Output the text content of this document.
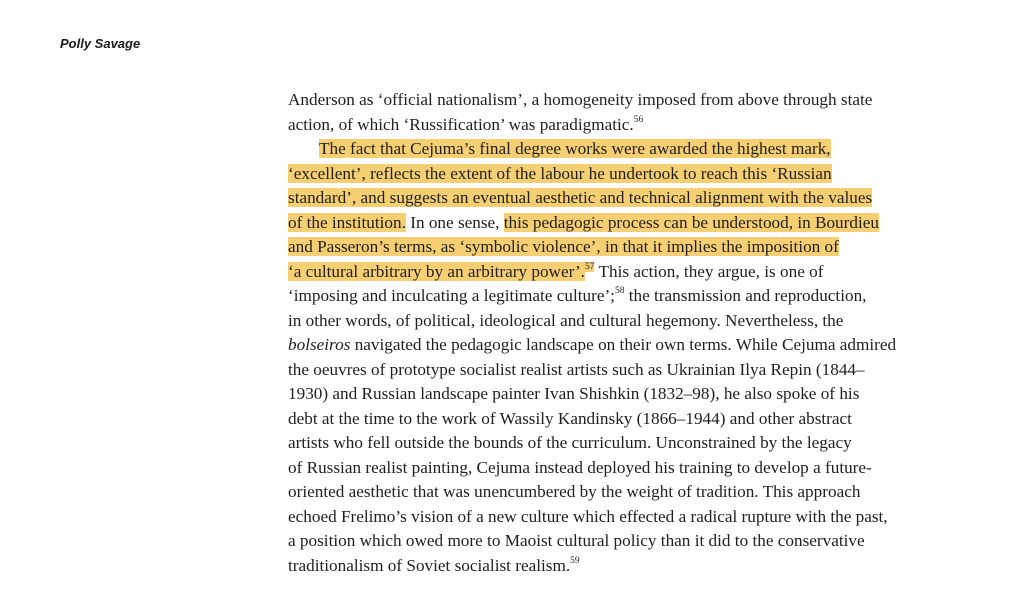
Polly Savage
Anderson as ‘official nationalism’, a homogeneity imposed from above through state
action, of which ‘Russification’ was paradigmatic.$^{56}$
The fact that Cejuma’s final degree works were awarded the highest mark,
‘excellent’, reflects the extent of the labour he undertook to reach this ‘Russian
standard’, and suggests an eventual aesthetic and technical alignment with the values
of the institution. In one sense, this pedagogic process can be understood, in Bourdieu
and Passeron’s terms, as ‘symbolic violence’, in that it implies the imposition of
‘a cultural arbitrary by an arbitrary power’.$^{57}$ This action, they argue, is one of
‘imposing and inculcating a legitimate culture’;$^{58}$ the transmission and reproduction,
in other words, of political, ideological and cultural hegemony. Nevertheless, the
bolseiros navigated the pedagogic landscape on their own terms. While Cejuma admired
the oeuvres of prototype socialist realist artists such as Ukrainian Ilya Repin (1844–
1930) and Russian landscape painter Ivan Shishkin (1832–98), he also spoke of his
debt at the time to the work of Wassily Kandinsky (1866–1944) and other abstract
artists who fell outside the bounds of the curriculum. Unconstrained by the legacy
of Russian realist painting, Cejuma instead deployed his training to develop a future-
oriented aesthetic that was unencumbered by the weight of tradition. This approach
echoed Frelimo’s vision of a new culture which effected a radical rupture with the past,
a position which owed more to Maoist cultural policy than it did to the conservative
traditionalism of Soviet socialist realism.$^{59}$
